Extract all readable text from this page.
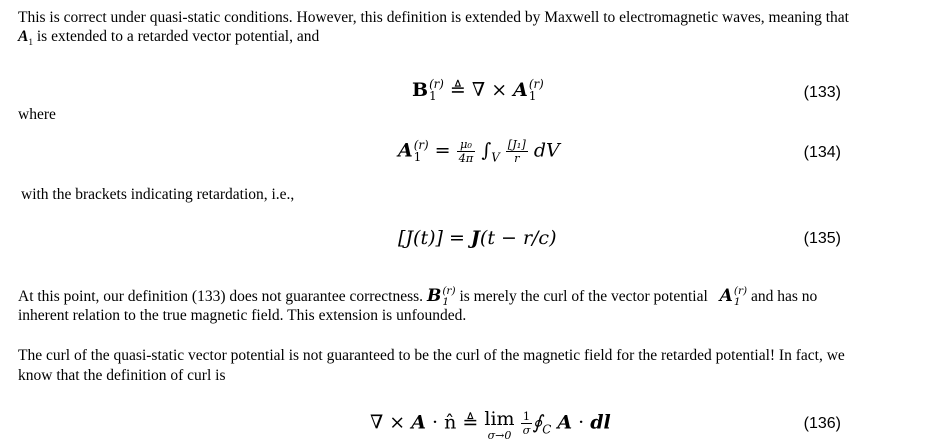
This is correct under quasi-static conditions. However, this definition is extended by Maxwell to electromagnetic waves, meaning that
$A_1$ is extended to a retarded vector potential, and
B (r)
1 ≜ ∇ × A (r)
1	(133)
where
A (r)
$1 = \frac{\text{μ₀}}{4\pi} \int_V \frac{\text{[J₁]}}{r}$ dV	(134)
with the brackets indicating retardation, i.e.,
[J(t)] = J(t − r/c)	(135)
At this point, our definition (133) does not guarantee correctness. B (r)
1 is merely the curl of the vector potential A (r)
1 and has no
inherent relation to the true magnetic field. This extension is unfounded.
The curl of the quasi-static vector potential is not guaranteed to be the curl of the magnetic field for the retarded potential! In fact, we
know that the definition of curl is
∇ × A · n̂ ≜ lim
σ→0
$\frac{1}{\sigma}$ $∮_C$ A · dl	(136)
